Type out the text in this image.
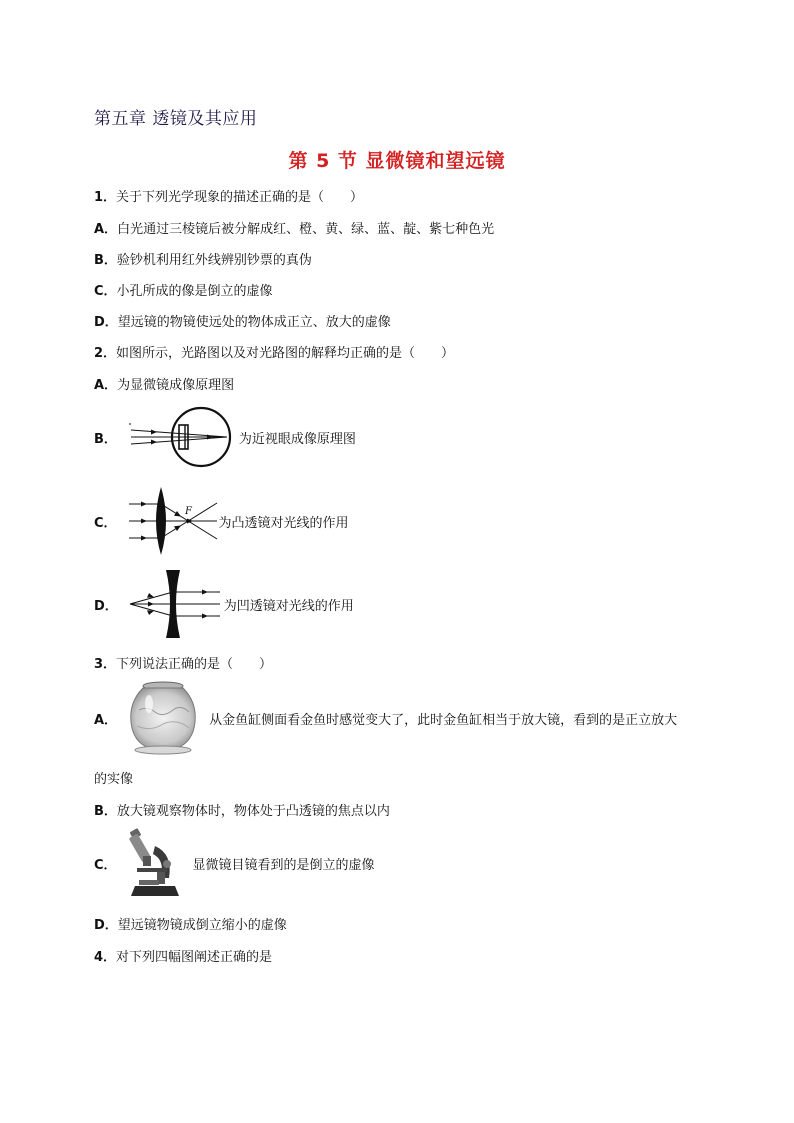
第五章 透镜及其应用
第 5 节 显微镜和望远镜
1．关于下列光学现象的描述正确的是（　　）
A．白光通过三棱镜后被分解成红、橙、黄、绿、蓝、靛、紫七种色光
B．验钞机利用红外线辨别钞票的真伪
C．小孔所成的像是倒立的虚像
D．望远镜的物镜使远处的物体成正立、放大的虚像
2．如图所示，光路图以及对光路图的解释均正确的是（　　）
A．为显微镜成像原理图
B．	为近视眼成像原理图
C．
F
为凸透镜对光线的作用
D．	为凹透镜对光线的作用
3．下列说法正确的是（　　）
A．	从金鱼缸侧面看金鱼时感觉变大了，此时金鱼缸相当于放大镜，看到的是正立放大
的实像
B．放大镜观察物体时，物体处于凸透镜的焦点以内
C．	显微镜目镜看到的是倒立的虚像
D．望远镜物镜成倒立缩小的虚像
4．对下列四幅图阐述正确的是
